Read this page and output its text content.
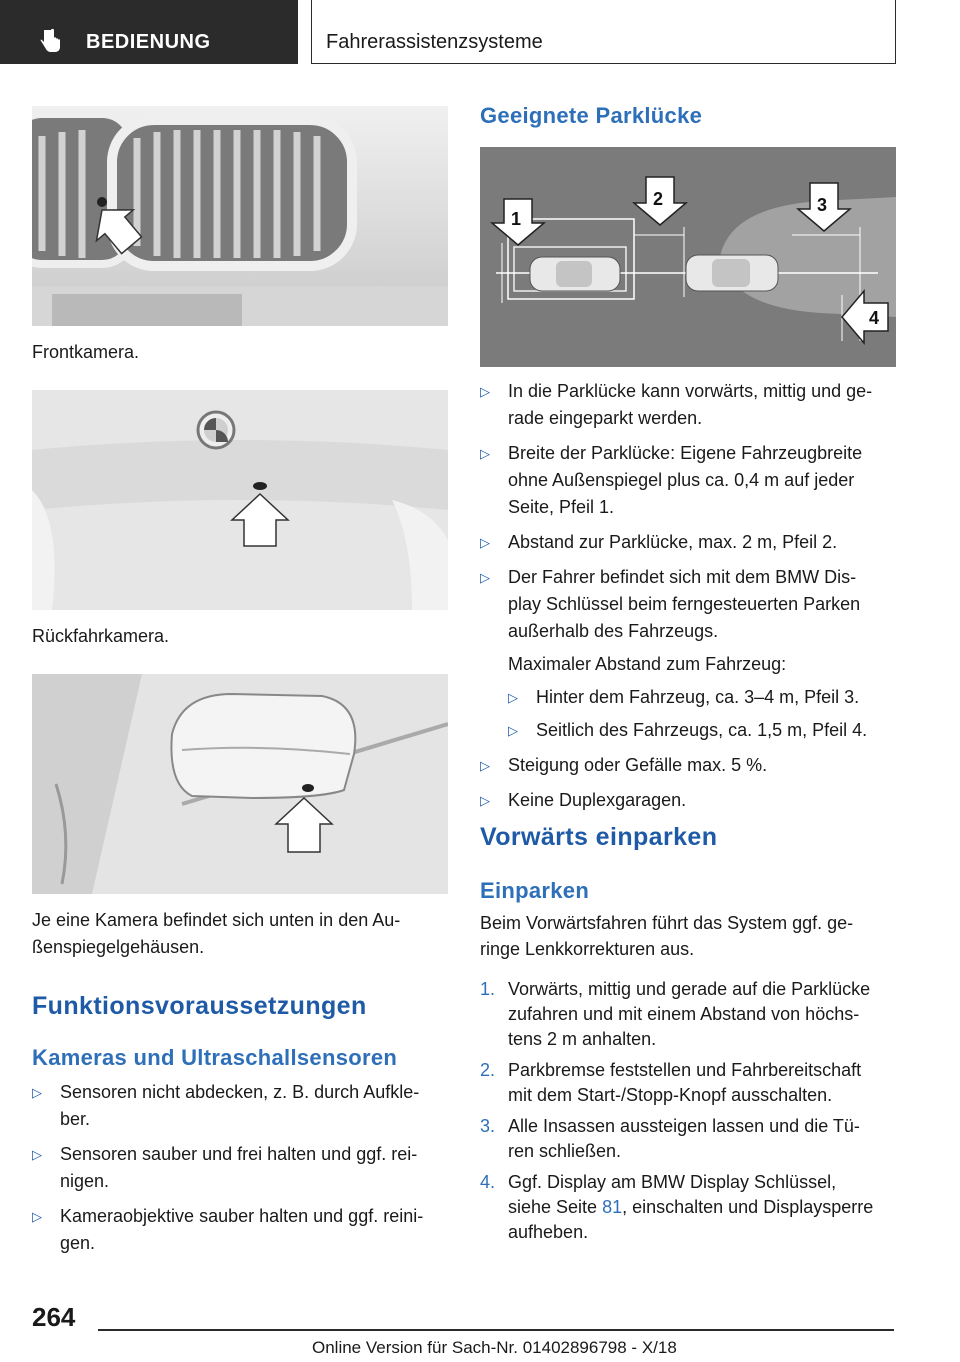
BEDIENUNG	Fahrerassistenzsysteme
Frontkamera.
Rückfahrkamera.
Je eine Kamera befindet sich unten in den Au-
ßenspiegelgehäusen.
Funktionsvoraussetzungen
Kameras und Ultraschallsensoren
▷ Sensoren nicht abdecken, z. B. durch Aufkle-
ber.
▷ Sensoren sauber und frei halten und ggf. rei-
nigen.
▷ Kameraobjektive sauber halten und ggf. reini-
gen.
Geeignete Parklücke
1
2	3
4
▷ In die Parklücke kann vorwärts, mittig und ge-
rade eingeparkt werden.
▷ Breite der Parklücke: Eigene Fahrzeugbreite
ohne Außenspiegel plus ca. 0,4 m auf jeder
Seite, Pfeil 1.
▷ Abstand zur Parklücke, max. 2 m, Pfeil 2.
▷ Der Fahrer befindet sich mit dem BMW Dis-
play Schlüssel beim ferngesteuerten Parken
außerhalb des Fahrzeugs.
Maximaler Abstand zum Fahrzeug:
▷ Hinter dem Fahrzeug, ca. 3–4 m, Pfeil 3.
▷ Seitlich des Fahrzeugs, ca. 1,5 m, Pfeil 4.
▷ Steigung oder Gefälle max. 5 %.
▷ Keine Duplexgaragen.
Vorwärts einparken
Einparken
Beim Vorwärtsfahren führt das System ggf. ge-
ringe Lenkkorrekturen aus.
1. Vorwärts, mittig und gerade auf die Parklücke
zufahren und mit einem Abstand von höchs-
tens 2 m anhalten.
2. Parkbremse feststellen und Fahrbereitschaft
mit dem Start-/Stopp-Knopf ausschalten.
3. Alle Insassen aussteigen lassen und die Tü-
ren schließen.
4. Ggf. Display am BMW Display Schlüssel,
siehe Seite 81, einschalten und Displaysperre
aufheben.
264
Online Version für Sach-Nr. 01402896798 - X/18
